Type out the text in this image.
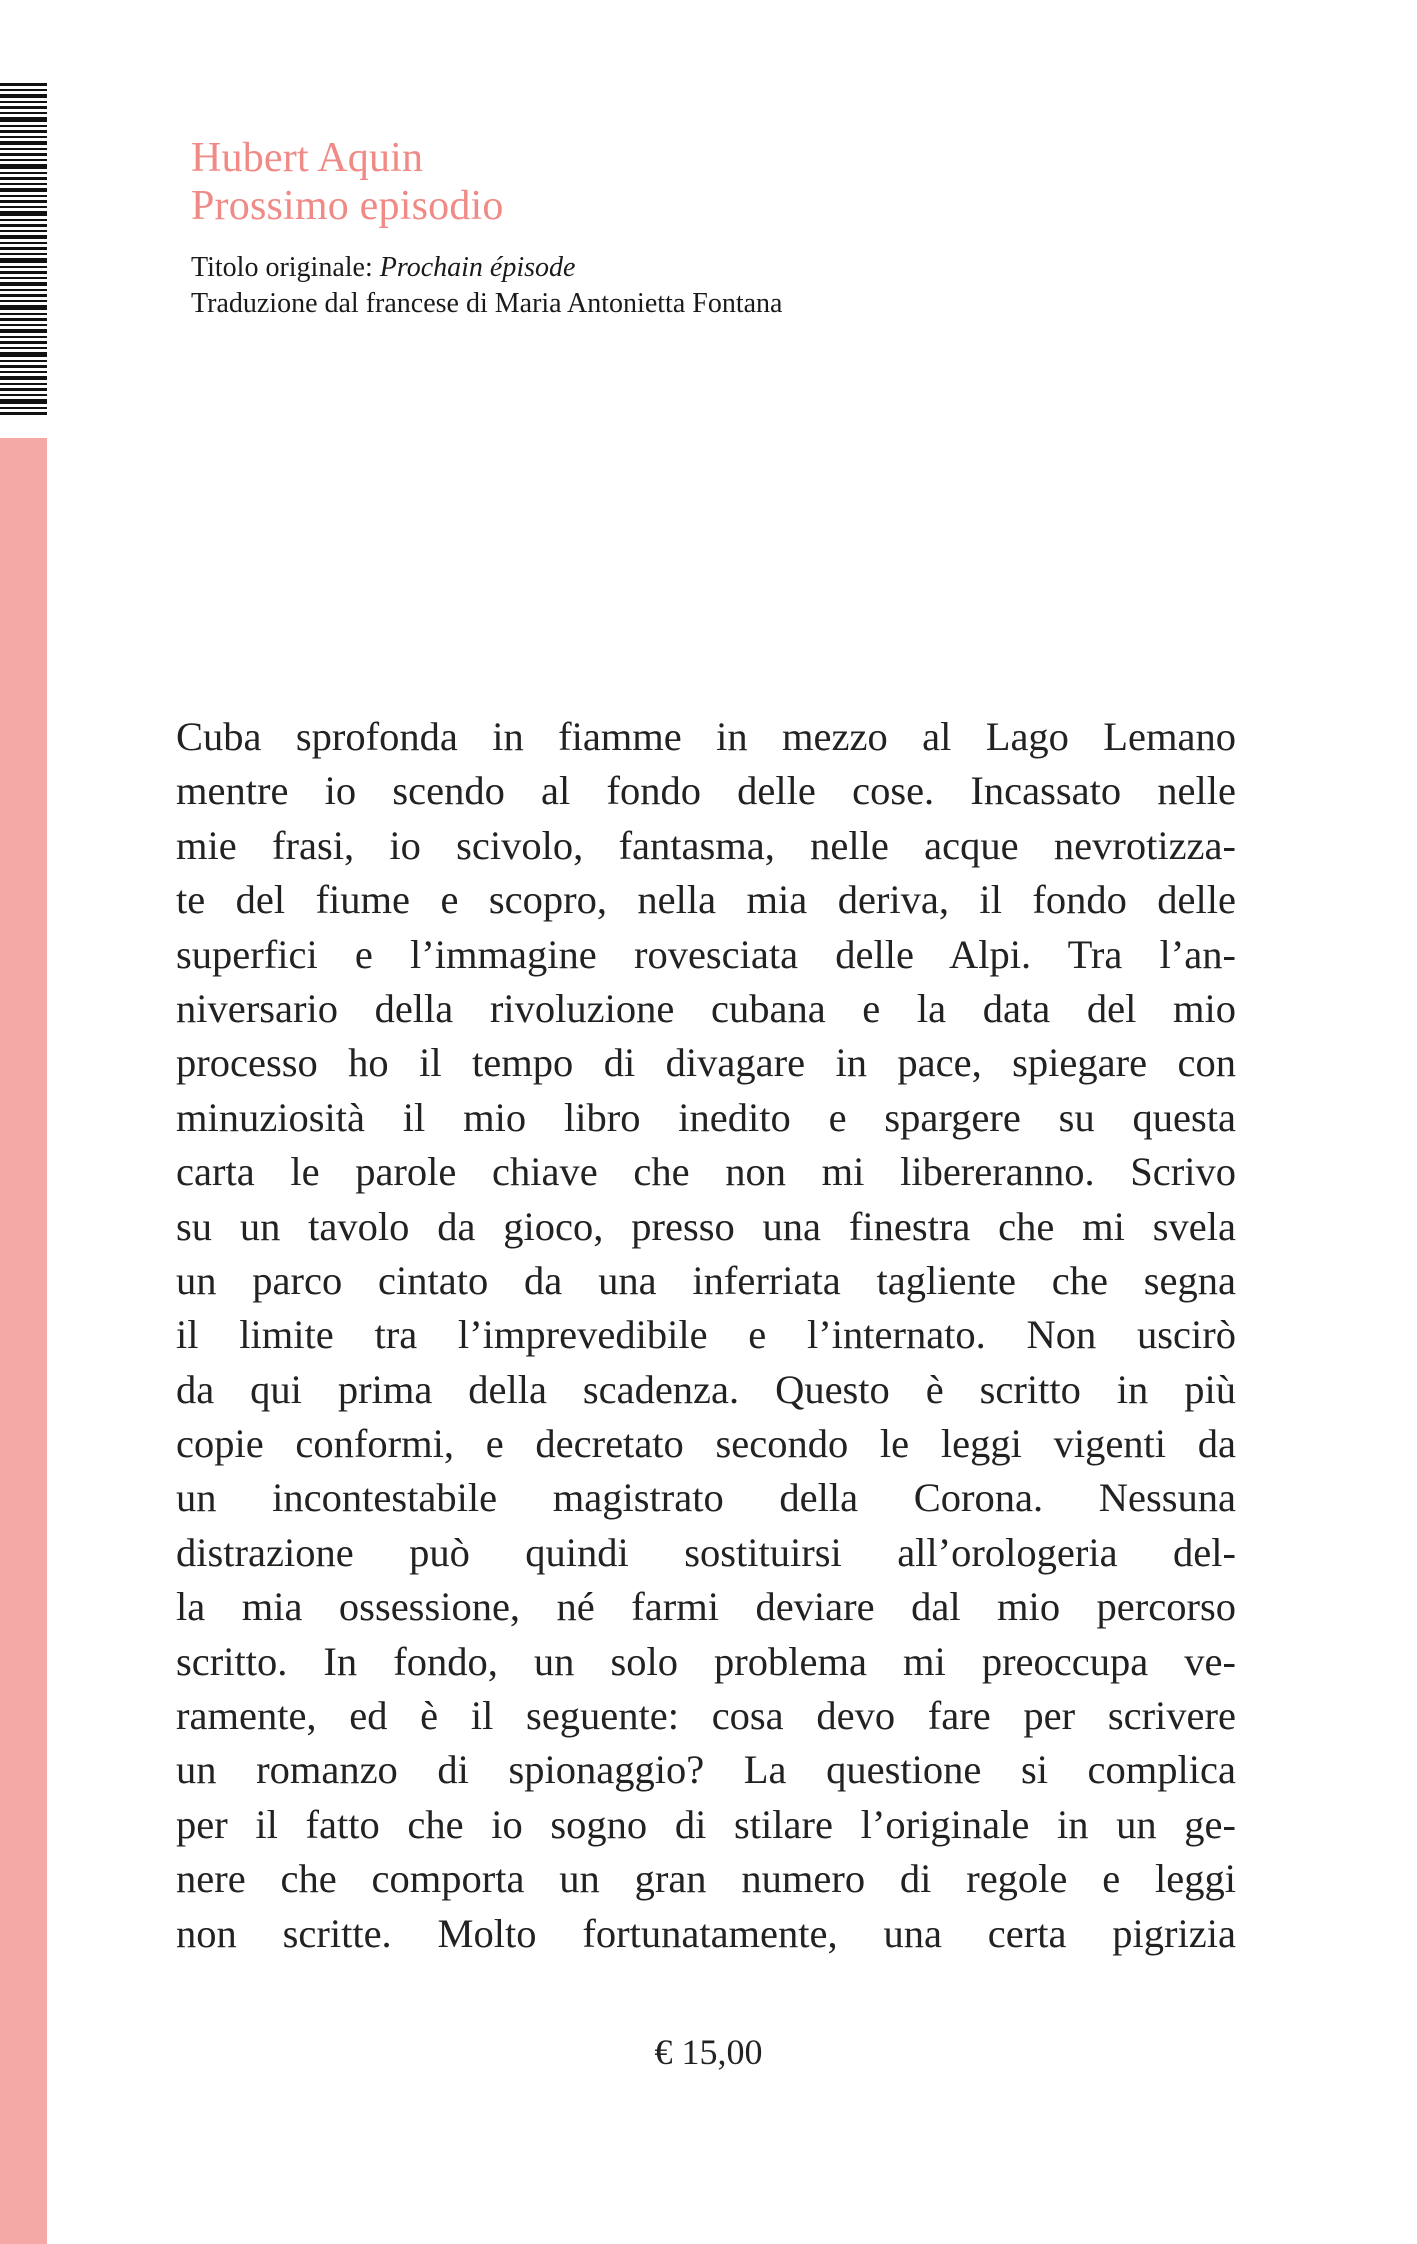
Hubert Aquin
Prossimo episodio
Titolo originale: Prochain épisode
Traduzione dal francese di Maria Antonietta Fontana
Cuba sprofonda in fiamme in mezzo al Lago Lemano
mentre io scendo al fondo delle cose. Incassato nelle
mie frasi, io scivolo, fantasma, nelle acque nevrotizza-
te del fiume e scopro, nella mia deriva, il fondo delle
superfici e l’immagine rovesciata delle Alpi. Tra l’an-
niversario della rivoluzione cubana e la data del mio
processo ho il tempo di divagare in pace, spiegare con
minuziosità il mio libro inedito e spargere su questa
carta le parole chiave che non mi libereranno. Scrivo
su un tavolo da gioco, presso una finestra che mi svela
un parco cintato da una inferriata tagliente che segna
il limite tra l’imprevedibile e l’internato. Non uscirò
da qui prima della scadenza. Questo è scritto in più
copie conformi, e decretato secondo le leggi vigenti da
un incontestabile magistrato della Corona. Nessuna
distrazione può quindi sostituirsi all’orologeria del-
la mia ossessione, né farmi deviare dal mio percorso
scritto. In fondo, un solo problema mi preoccupa ve-
ramente, ed è il seguente: cosa devo fare per scrivere
un romanzo di spionaggio? La questione si complica
per il fatto che io sogno di stilare l’originale in un ge-
nere che comporta un gran numero di regole e leggi
non scritte. Molto fortunatamente, una certa pigrizia
€ 15,00
